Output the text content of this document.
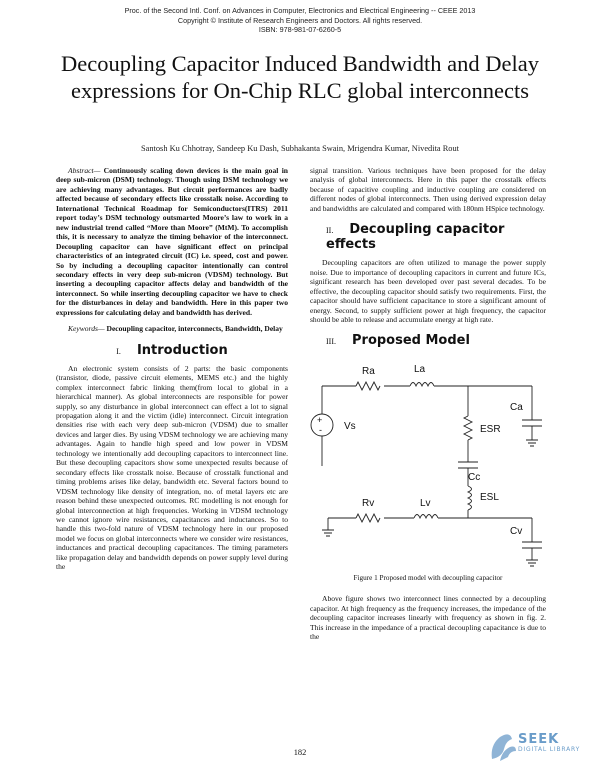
Proc. of the Second Intl. Conf. on Advances in Computer, Electronics and Electrical Engineering -- CEEE 2013
Copyright © Institute of Research Engineers and Doctors. All rights reserved.
ISBN: 978-981-07-6260-5
Decoupling Capacitor Induced Bandwidth and Delay
expressions for On-Chip RLC global interconnects
Santosh Ku Chhotray, Sandeep Ku Dash, Subhakanta Swain, Mrigendra Kumar, Nivedita Rout

Abstract— Continuously scaling down devices is the main goal in deep sub-micron (DSM) technology. Though using DSM technology we are achieving many advantages. But circuit performances are badly affected because of secondary effects like crosstalk noise. According to International Technical Roadmap for Semiconductors(ITRS) 2011 report today’s DSM technology outsmarted Moore’s law to work in a new industrial trend called “More than Moore” (MtM). To accomplish this, it is necessary to analyze the timing behavior of the interconnect. Decoupling capacitor can have significant effect on principal characteristics of an integrated circuit (IC) i.e. speed, cost and power. So by including a decoupling capacitor intentionally can control secondary effects in very deep sub-micron (VDSM) technology. But inserting a decoupling capacitor affects delay and bandwidth of the interconnect. So while inserting decoupling capacitor we have to check for the disturbances in delay and bandwidth. Here in this paper two expressions for calculating delay and bandwidth has derived.

Keywords— Decoupling capacitor, interconnects, Bandwidth, Delay

I. Introduction

An electronic system consists of 2 parts: the basic components (transistor, diode, passive circuit elements, MEMS etc.) and the highly complex interconnect fabric linking them(from local to global in a hierarchical manner). As global interconnects are responsible for power supply, so any disturbance in global interconnect can effect a lot to signal propagation along it and the victim (idle) interconnect. Circuit integration densities rise with each very deep sub-micron (VDSM) due to smaller devices and larger dies. By using VDSM technology we are achieving many advantages. Again to handle high speed and low power in VDSM technology we intentionally add decoupling capacitors to interconnect line. But these decoupling capacitors show some unexpected results because of secondary effects like crosstalk noise. Because of crosstalk functional and timing problems arises like delay, bandwidth etc. Several factors bound to VDSM technology like density of integration, no. of metal layers etc are reason behind these unexpected outcomes. RC modelling is not enough for global interconnection at high frequencies. Working in VDSM technology we cannot ignore wire resistances, capacitances and inductances. So to handle this two-fold nature of VDSM technology here in our proposed model we focus on global interconnects where we consider wire resistances, inductances and practical decoupling capacitances. The timing parameters like propagation delay and bandwidth depends on power supply level during the

signal transition. Various techniques have been proposed for the delay analysis of global interconnects. Here in this paper the crosstalk effects because of capacitive coupling and inductive coupling are considered on different nodes of global interconnects. Then using derived expression delay and bandwidths are calculated and compared with 180nm HSpice technology.

II. Decoupling capacitor effects

Decoupling capacitors are often utilized to manage the power supply noise. Due to importance of decoupling capacitors in current and future ICs, significant research has been developed over past several decades. To be effective, the decoupling capacitor should satisfy two requirements. First, the capacitor should have sufficient capacitance to store a significant amount of energy. Second, to supply sufficient power at high frequency, the capacitor should be able to release and accumulate energy at high rate.

III. Proposed Model
Ra	La
Vs
+
-	ESR
Ca
Cc
Rv	Lv
ESL
Cv
Figure 1 Proposed model with decoupling capacitor

Above figure shows two interconnect lines connected by a decoupling capacitor. At high frequency as the frequency increases, the impedance of the decoupling capacitor increases linearly with frequency as shown in fig. 2. This increase in the impedance of a practical decoupling capacitance is due to the

182
SEEK
DIGITAL LIBRARY
